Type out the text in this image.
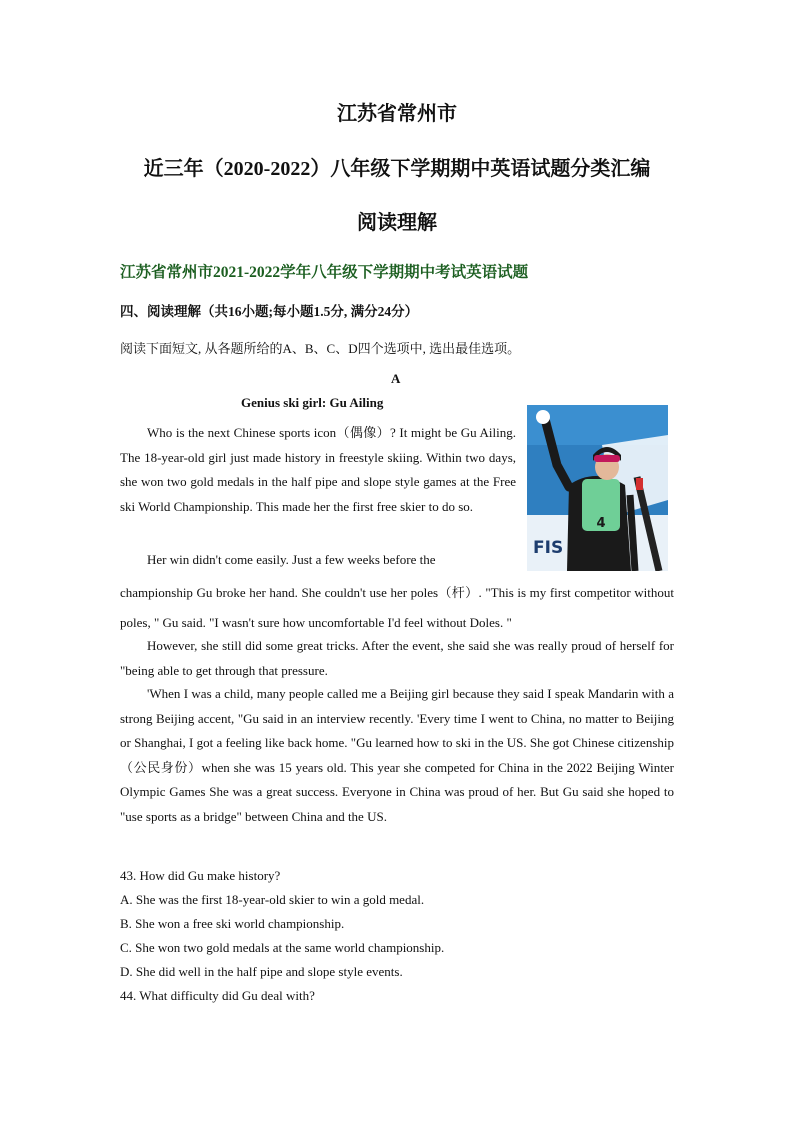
江苏省常州市
近三年（2020-2022）八年级下学期期中英语试题分类汇编
阅读理解
江苏省常州市2021-2022学年八年级下学期期中考试英语试题
四、阅读理解（共16小题;每小题1.5分, 满分24分）
阅读下面短文, 从各题所给的A、B、C、D四个选项中, 选出最佳选项。
A
Genius ski girl: Gu Ailing
FIS
4
Who is the next Chinese sports icon（偶像）? It might be Gu Ailing. The 18-year-old girl just made history in freestyle skiing. Within two days, she won two gold medals in the half pipe and slope style games at the Free ski World Championship. This made her the first free skier to do so.
Her win didn't come easily. Just a few weeks before the
championship Gu broke her hand. She couldn't use her poles（杆）. "This is my first competitor without poles, " Gu said. "I wasn't sure how uncomfortable I'd feel without Doles. "
However, she still did some great tricks. After the event, she said she was really proud of herself for "being able to get through that pressure.
'When I was a child, many people called me a Beijing girl because they said I speak Mandarin with a strong Beijing accent, "Gu said in an interview recently. 'Every time I went to China, no matter to Beijing or Shanghai, I got a feeling like back home. "Gu learned how to ski in the US. She got Chinese citizenship（公民身份）when she was 15 years old. This year she competed for China in the 2022 Beijing Winter Olympic Games She was a great success. Everyone in China was proud of her. But Gu said she hoped to "use sports as a bridge" between China and the US.
43. How did Gu make history?
A. She was the first 18-year-old skier to win a gold medal.
B. She won a free ski world championship.
C. She won two gold medals at the same world championship.
D. She did well in the half pipe and slope style events.
44. What difficulty did Gu deal with?
